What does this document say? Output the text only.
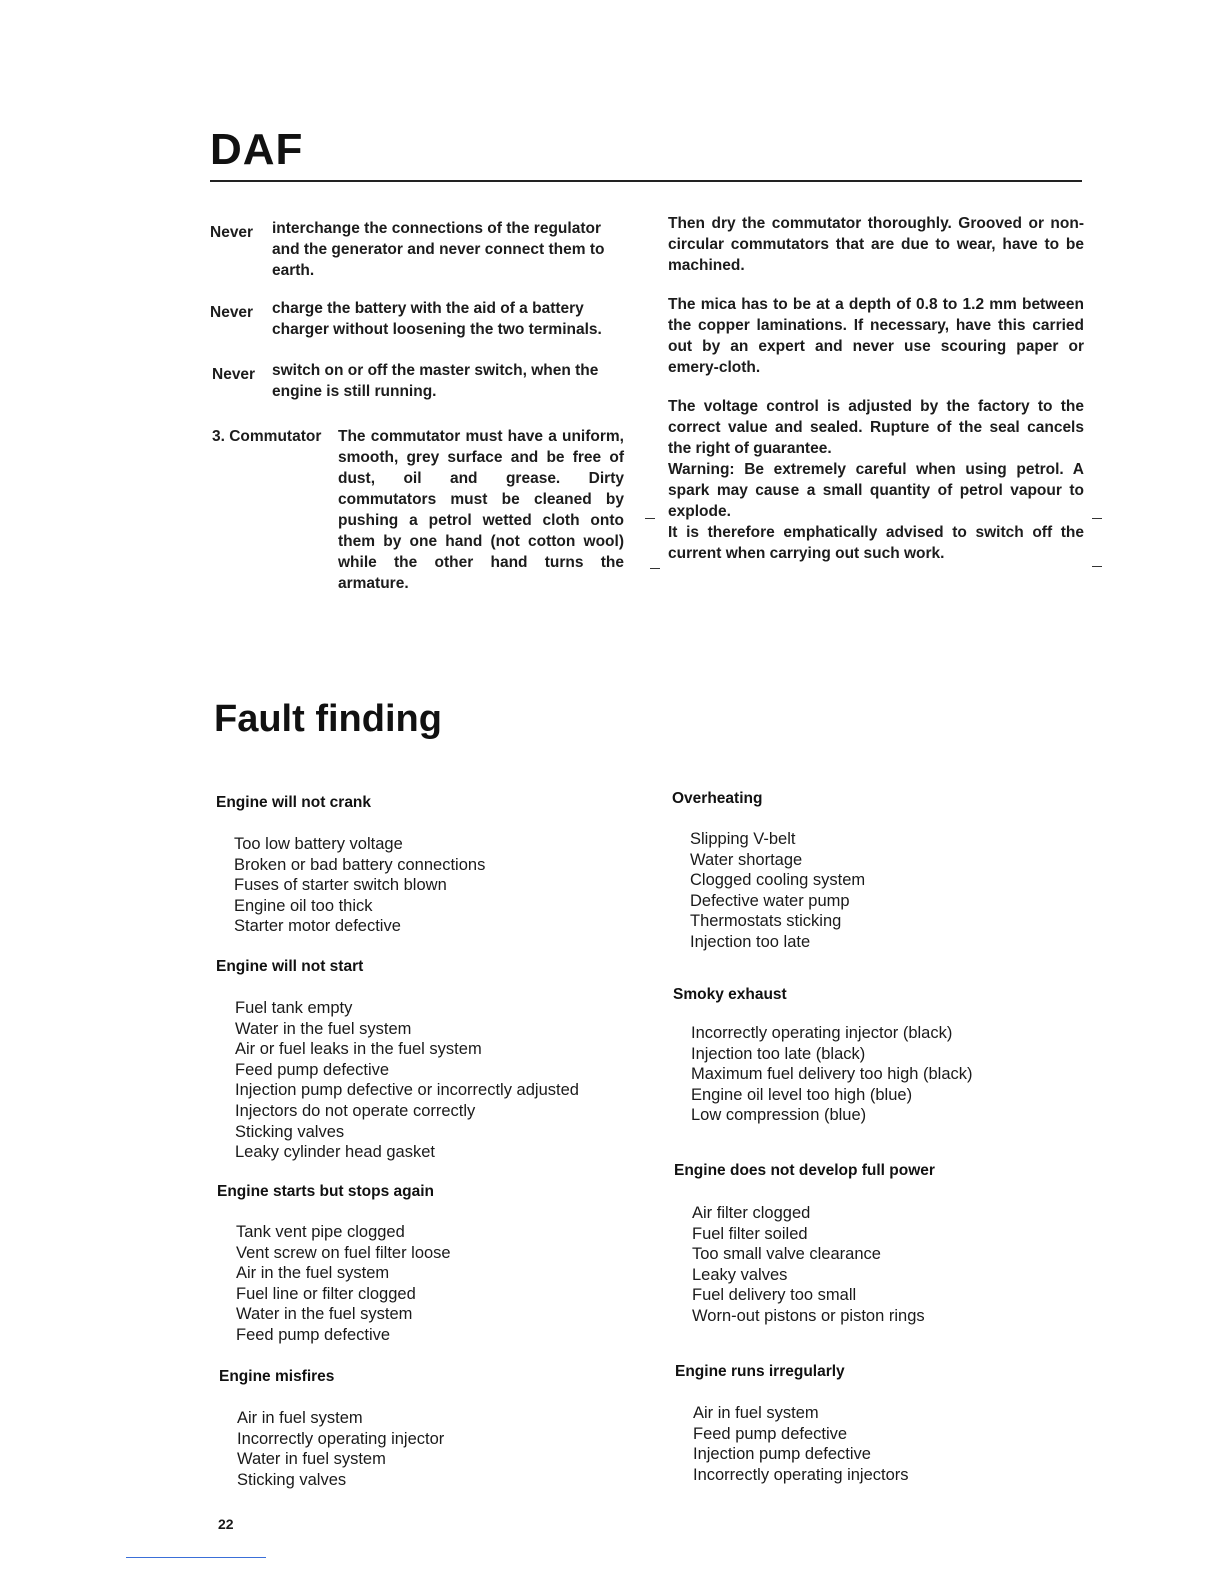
DAF
Never	interchange the connections of the regulator and the generator and never connect them to earth.
Never	charge the battery with the aid of a battery charger without loosening the two terminals.
Never	switch on or off the master switch, when the engine is still running.
3. Commutator	The commutator must have a uniform, smooth, grey surface and be free of dust, oil and grease. Dirty commutators must be cleaned by pushing a petrol wetted cloth onto them by one hand (not cotton wool) while the other hand turns the armature.
Then dry the commutator thoroughly. Grooved or non-circular commutators that are due to wear, have to be machined.
The mica has to be at a depth of 0.8 to 1.2 mm between the copper laminations. If necessary, have this carried out by an expert and never use scouring paper or emery-cloth.
The voltage control is adjusted by the factory to the correct value and sealed. Rupture of the seal cancels the right of guarantee.
Warning: Be extremely careful when using petrol. A spark may cause a small quantity of petrol vapour to explode.
It is therefore emphatically advised to switch off the current when carrying out such work.
Fault finding
Engine will not crank
Too low battery voltage
Broken or bad battery connections
Fuses of starter switch blown
Engine oil too thick
Starter motor defective
Engine will not start
Fuel tank empty
Water in the fuel system
Air or fuel leaks in the fuel system
Feed pump defective
Injection pump defective or incorrectly adjusted
Injectors do not operate correctly
Sticking valves
Leaky cylinder head gasket
Engine starts but stops again
Tank vent pipe clogged
Vent screw on fuel filter loose
Air in the fuel system
Fuel line or filter clogged
Water in the fuel system
Feed pump defective
Engine misfires
Air in fuel system
Incorrectly operating injector
Water in fuel system
Sticking valves
Overheating
Slipping V-belt
Water shortage
Clogged cooling system
Defective water pump
Thermostats sticking
Injection too late
Smoky exhaust
Incorrectly operating injector (black)
Injection too late (black)
Maximum fuel delivery too high (black)
Engine oil level too high (blue)
Low compression (blue)
Engine does not develop full power
Air filter clogged
Fuel filter soiled
Too small valve clearance
Leaky valves
Fuel delivery too small
Worn-out pistons or piston rings
Engine runs irregularly
Air in fuel system
Feed pump defective
Injection pump defective
Incorrectly operating injectors
22
